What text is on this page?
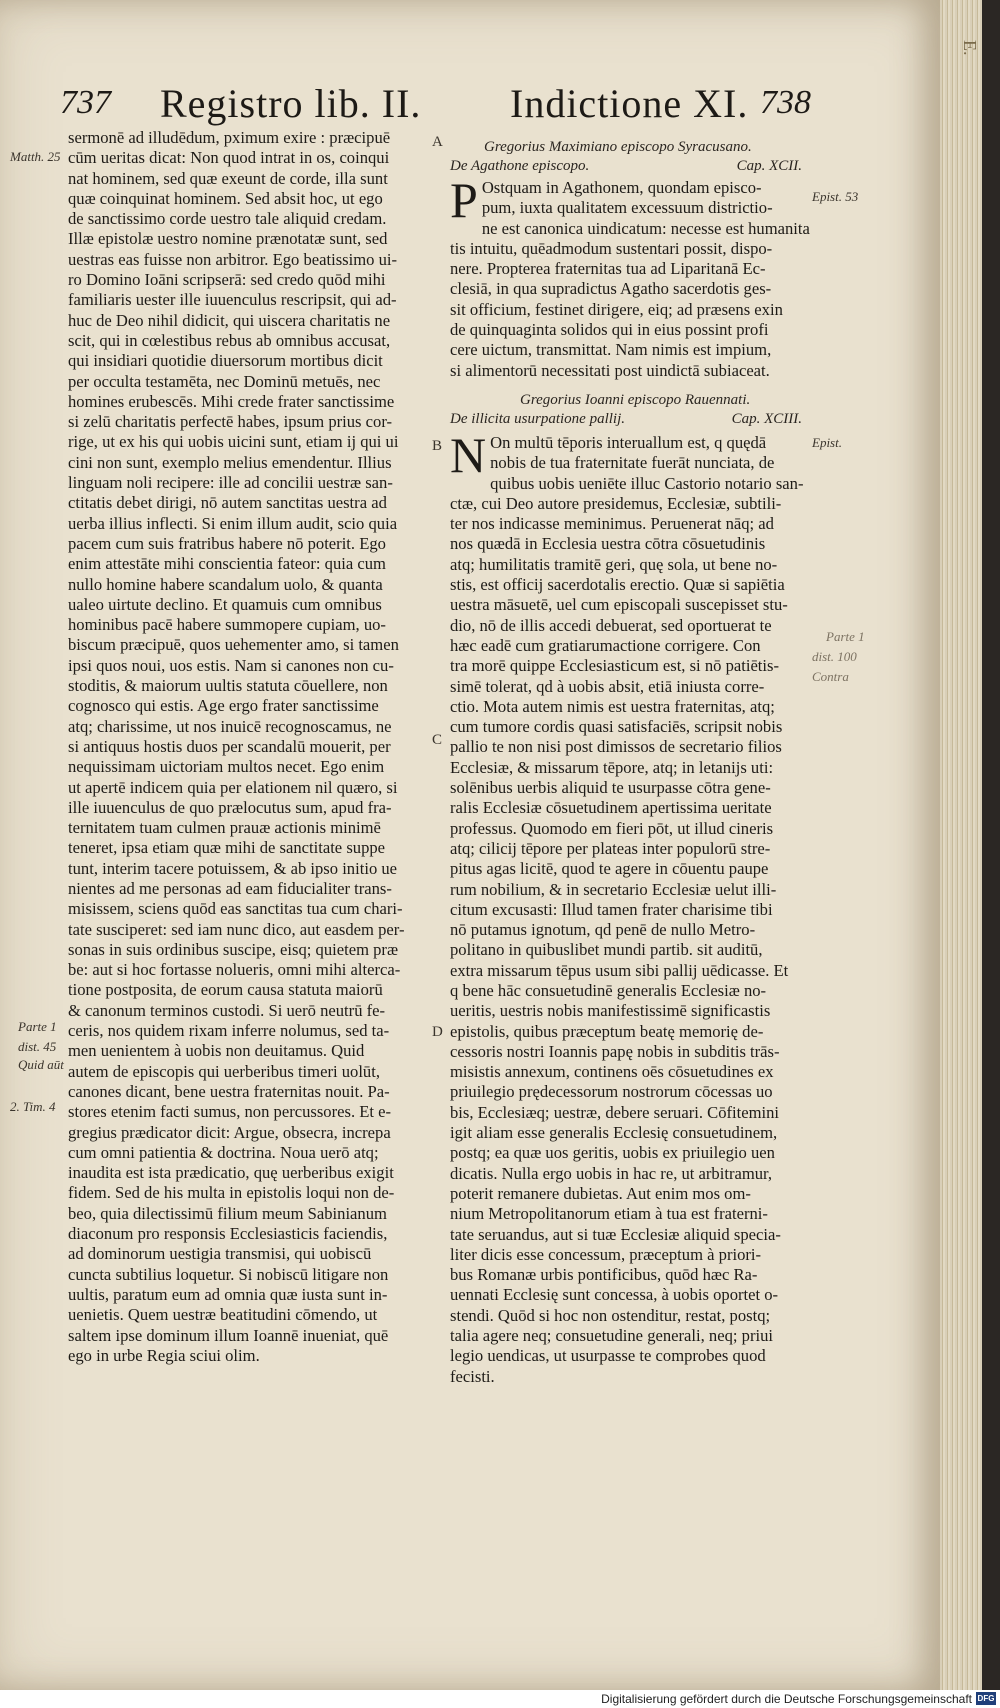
E.
737 Registro lib. II. Indictione XI. 738

sermonē ad illudēdum, pximum exire : præcipuē

cūm ueritas dicat: Non quod intrat in os, coinqui

nat hominem, sed quæ exeunt de corde, illa sunt

quæ coinquinat hominem. Sed absit hoc, ut ego

de sanctissimo corde uestro tale aliquid credam.

Illæ epistolæ uestro nomine prænotatæ sunt, sed

uestras eas fuisse non arbitror. Ego beatissimo ui-

ro Domino Ioāni scripserā: sed credo quōd mihi

familiaris uester ille iuuenculus rescripsit, qui ad-

huc de Deo nihil didicit, qui uiscera charitatis ne

scit, qui in cœlestibus rebus ab omnibus accusat,

qui insidiari quotidie diuersorum mortibus dicit

per occulta testamēta, nec Dominū metuēs, nec

homines erubescēs. Mihi crede frater sanctissime

si zelū charitatis perfectē habes, ipsum prius cor-

rige, ut ex his qui uobis uicini sunt, etiam ij qui ui

cini non sunt, exemplo melius emendentur. Illius

linguam noli recipere: ille ad concilii uestræ san-

ctitatis debet dirigi, nō autem sanctitas uestra ad

uerba illius inflecti. Si enim illum audit, scio quia

pacem cum suis fratribus habere nō poterit. Ego

enim attestāte mihi conscientia fateor: quia cum

nullo homine habere scandalum uolo, & quanta

ualeo uirtute declino. Et quamuis cum omnibus

hominibus pacē habere summopere cupiam, uo-

biscum præcipuē, quos uehementer amo, si tamen

ipsi quos noui, uos estis. Nam si canones non cu-

stoditis, & maiorum uultis statuta cōuellere, non

cognosco qui estis. Age ergo frater sanctissime

atq; charissime, ut nos inuicē recognoscamus, ne

si antiquus hostis duos per scandalū mouerit, per

nequissimam uictoriam multos necet. Ego enim

ut apertē indicem quia per elationem nil quæro, si

ille iuuenculus de quo prælocutus sum, apud fra-

ternitatem tuam culmen prauæ actionis minimē

teneret, ipsa etiam quæ mihi de sanctitate suppe

tunt, interim tacere potuissem, & ab ipso initio ue

nientes ad me personas ad eam fiducialiter trans-

misissem, sciens quōd eas sanctitas tua cum chari-

tate susciperet: sed iam nunc dico, aut easdem per-

sonas in suis ordinibus suscipe, eisq; quietem præ

be: aut si hoc fortasse nolueris, omni mihi alterca-

tione postposita, de eorum causa statuta maiorū

& canonum terminos custodi. Si uerō neutrū fe-

ceris, nos quidem rixam inferre nolumus, sed ta-

men uenientem à uobis non deuitamus. Quid

autem de episcopis qui uerberibus timeri uolūt,

canones dicant, bene uestra fraternitas nouit. Pa-

stores etenim facti sumus, non percussores. Et e-

gregius prædicator dicit: Argue, obsecra, increpa

cum omni patientia & doctrina. Noua uerō atq;

inaudita est ista prædicatio, quę uerberibus exigit

fidem. Sed de his multa in epistolis loqui non de-

beo, quia dilectissimū filium meum Sabinianum

diaconum pro responsis Ecclesiasticis faciendis,

ad dominorum uestigia transmisi, qui uobiscū

cuncta subtilius loquetur. Si nobiscū litigare non

uultis, paratum eum ad omnia quæ iusta sunt in-

uenietis. Quem uestræ beatitudini cōmendo, ut

saltem ipse dominum illum Ioannē inueniat, quē

ego in urbe Regia sciui olim.

A
B
C
D
Matth. 25
Parte 1
dist. 45
Quid aūt
2. Tim. 4
Gregorius Maximiano episcopo Syracusano.
De Agathone episcopo.	Cap. XCII.
P Ostquam in Agathonem, quondam episco-

pum, iuxta qualitatem excessuum districtio-

ne est canonica uindicatum: necesse est humanita

tis intuitu, quēadmodum sustentari possit, dispo-

nere. Propterea fraternitas tua ad Liparitanā Ec-

clesiā, in qua supradictus Agatho sacerdotis ges-

sit officium, festinet dirigere, eiq; ad præsens exin

de quinquaginta solidos qui in eius possint profi

cere uictum, transmittat. Nam nimis est impium,

si alimentorū necessitati post uindictā subiaceat.

Gregorius Ioanni episcopo Rauennati.
De illicita usurpatione pallij.	Cap. XCIII.
N On multū tēporis interuallum est, q quędā

nobis de tua fraternitate fuerāt nunciata, de

quibus uobis ueniēte illuc Castorio notario san-

ctæ, cui Deo autore presidemus, Ecclesiæ, subtili-

ter nos indicasse meminimus. Peruenerat nāq; ad

nos quædā in Ecclesia uestra cōtra cōsuetudinis

atq; humilitatis tramitē geri, quę sola, ut bene no-

stis, est officij sacerdotalis erectio. Quæ si sapiētia

uestra māsuetē, uel cum episcopali suscepisset stu-

dio, nō de illis accedi debuerat, sed oportuerat te

hæc eadē cum gratiarumactione corrigere. Con

tra morē quippe Ecclesiasticum est, si nō patiētis-

simē tolerat, qd à uobis absit, etiā iniusta corre-

ctio. Mota autem nimis est uestra fraternitas, atq;

cum tumore cordis quasi satisfaciēs, scripsit nobis

pallio te non nisi post dimissos de secretario filios

Ecclesiæ, & missarum tēpore, atq; in letanijs uti:

solēnibus uerbis aliquid te usurpasse cōtra gene-

ralis Ecclesiæ cōsuetudinem apertissima ueritate

professus. Quomodo em fieri pōt, ut illud cineris

atq; cilicij tēpore per plateas inter populorū stre-

pitus agas licitē, quod te agere in cōuentu paupe

rum nobilium, & in secretario Ecclesiæ uelut illi-

citum excusasti: Illud tamen frater charisime tibi

nō putamus ignotum, qd penē de nullo Metro-

politano in quibuslibet mundi partib. sit auditū,

extra missarum tēpus usum sibi pallij uēdicasse. Et

q bene hāc consuetudinē generalis Ecclesiæ no-

ueritis, uestris nobis manifestissimē significastis

epistolis, quibus præceptum beatę memorię de-

cessoris nostri Ioannis papę nobis in subditis trās-

misistis annexum, continens oēs cōsuetudines ex

priuilegio prędecessorum nostrorum cōcessas uo

bis, Ecclesiæq; uestræ, debere seruari. Cōfitemini

igit aliam esse generalis Ecclesię consuetudinem,

postq; ea quæ uos geritis, uobis ex priuilegio uen

dicatis. Nulla ergo uobis in hac re, ut arbitramur,

poterit remanere dubietas. Aut enim mos om-

nium Metropolitanorum etiam à tua est fraterni-

tate seruandus, aut si tuæ Ecclesiæ aliquid specia-

liter dicis esse concessum, præceptum à priori-

bus Romanæ urbis pontificibus, quōd hæc Ra-

uennati Ecclesię sunt concessa, à uobis oportet o-

stendi. Quōd si hoc non ostenditur, restat, postq;

talia agere neq; consuetudine generali, neq; priui

legio uendicas, ut usurpasse te comprobes quod

fecisti.

Epist. 53
Epist.
Parte 1
dist. 100
Contra
Digitalisierung gefördert durch die Deutsche Forschungsgemeinschaft DFG
